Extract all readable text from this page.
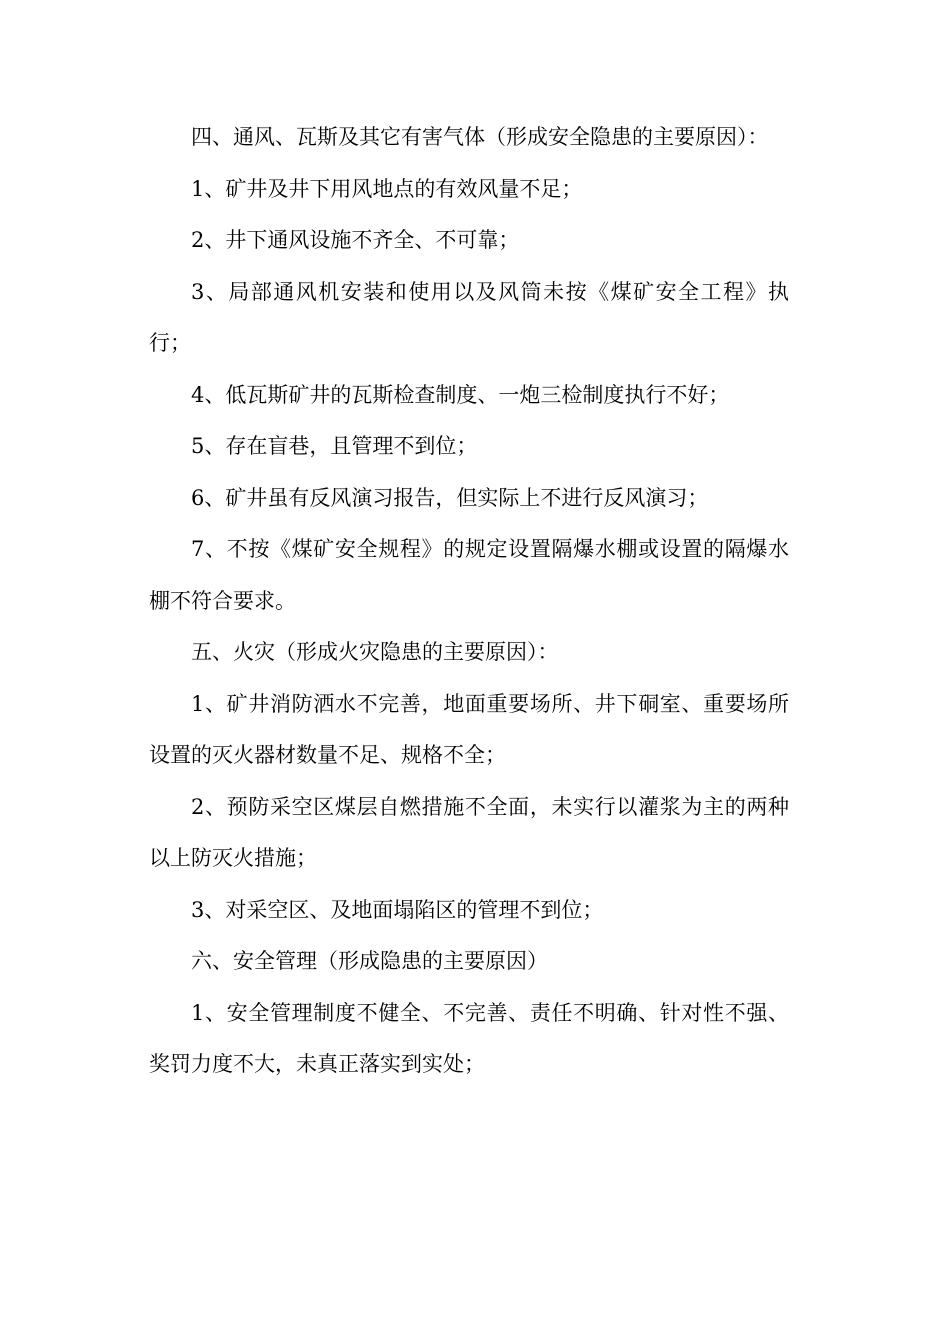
四、通风、瓦斯及其它有害气体（形成安全隐患的主要原因）：

1、矿井及井下用风地点的有效风量不足；

2、井下通风设施不齐全、不可靠；

3、局部通风机安装和使用以及风筒未按《煤矿安全工程》执行；

4、低瓦斯矿井的瓦斯检查制度、一炮三检制度执行不好；

5、存在盲巷，且管理不到位；

6、矿井虽有反风演习报告，但实际上不进行反风演习；

7、不按《煤矿安全规程》的规定设置隔爆水棚或设置的隔爆水棚不符合要求。

五、火灾（形成火灾隐患的主要原因）：

1、矿井消防洒水不完善，地面重要场所、井下硐室、重要场所设置的灭火器材数量不足、规格不全；

2、预防采空区煤层自燃措施不全面，未实行以灌浆为主的两种以上防灭火措施；

3、对采空区、及地面塌陷区的管理不到位；

六、安全管理（形成隐患的主要原因）

1、安全管理制度不健全、不完善、责任不明确、针对性不强、奖罚力度不大，未真正落实到实处；
